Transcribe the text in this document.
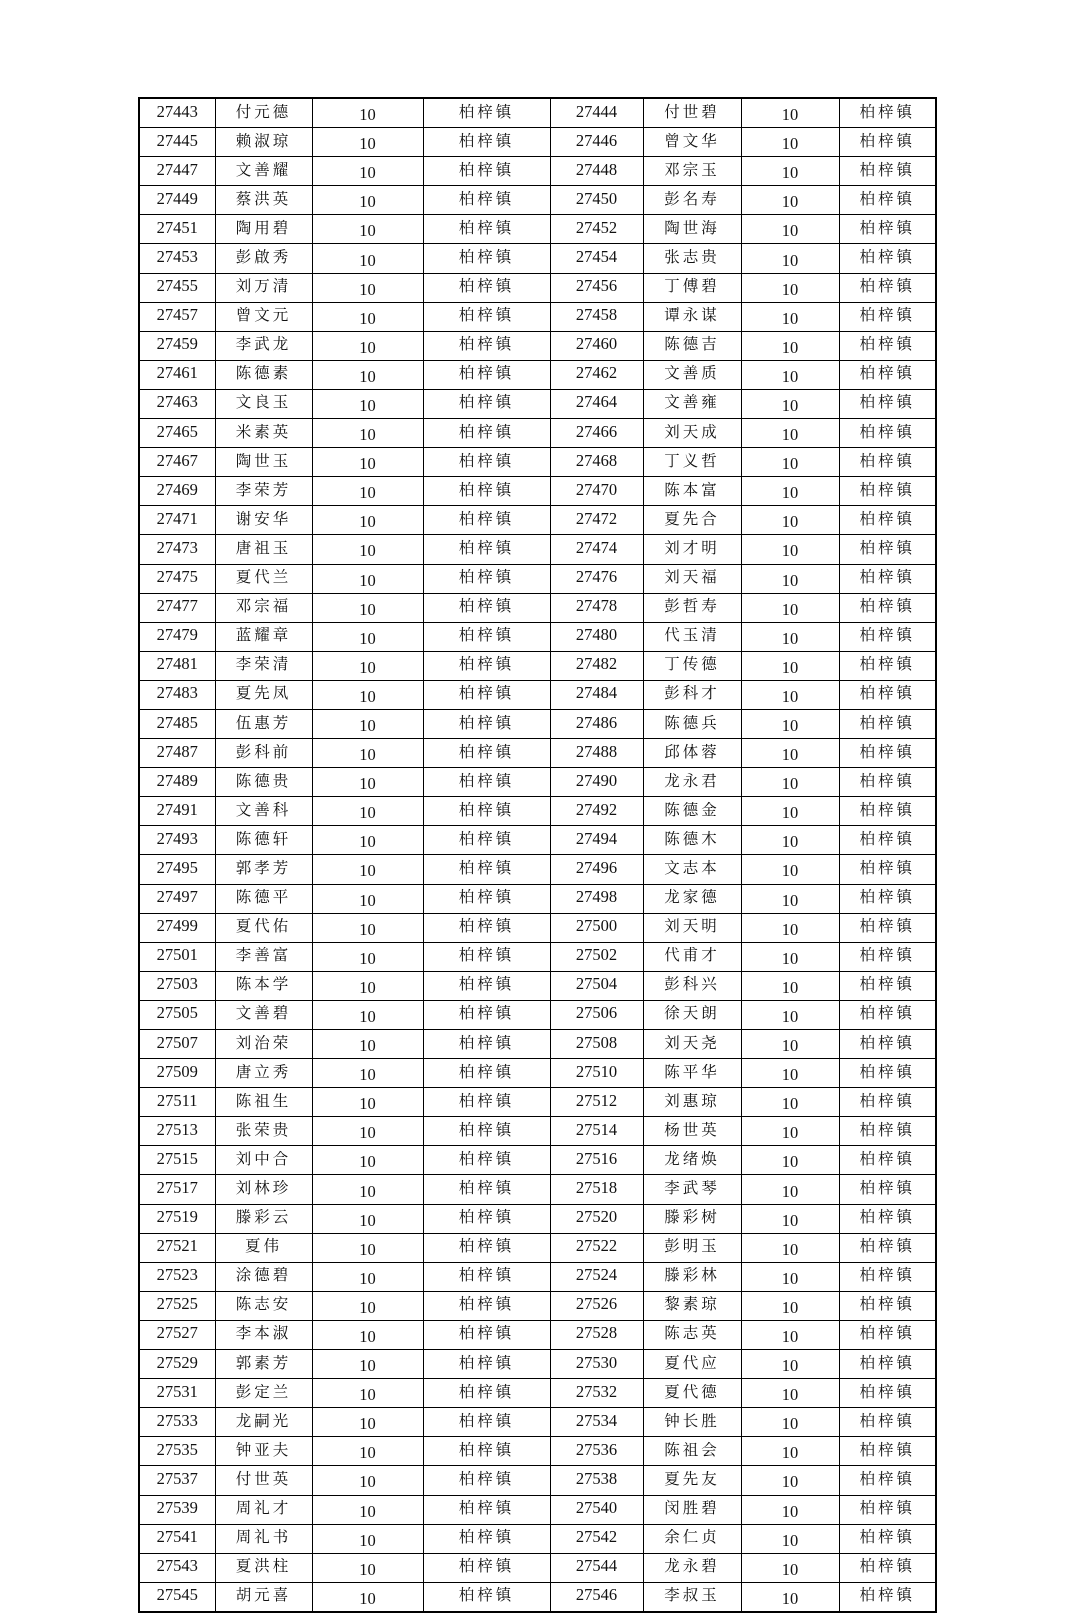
27443	付元德	10	柏梓镇	27444	付世碧	10	柏梓镇
27445	赖淑琼	10	柏梓镇	27446	曾文华	10	柏梓镇
27447	文善耀	10	柏梓镇	27448	邓宗玉	10	柏梓镇
27449	蔡洪英	10	柏梓镇	27450	彭名寿	10	柏梓镇
27451	陶用碧	10	柏梓镇	27452	陶世海	10	柏梓镇
27453	彭啟秀	10	柏梓镇	27454	张志贵	10	柏梓镇
27455	刘万清	10	柏梓镇	27456	丁傅碧	10	柏梓镇
27457	曾文元	10	柏梓镇	27458	谭永谋	10	柏梓镇
27459	李武龙	10	柏梓镇	27460	陈德吉	10	柏梓镇
27461	陈德素	10	柏梓镇	27462	文善质	10	柏梓镇
27463	文良玉	10	柏梓镇	27464	文善雍	10	柏梓镇
27465	米素英	10	柏梓镇	27466	刘天成	10	柏梓镇
27467	陶世玉	10	柏梓镇	27468	丁义哲	10	柏梓镇
27469	李荣芳	10	柏梓镇	27470	陈本富	10	柏梓镇
27471	谢安华	10	柏梓镇	27472	夏先合	10	柏梓镇
27473	唐祖玉	10	柏梓镇	27474	刘才明	10	柏梓镇
27475	夏代兰	10	柏梓镇	27476	刘天福	10	柏梓镇
27477	邓宗福	10	柏梓镇	27478	彭哲寿	10	柏梓镇
27479	蓝耀章	10	柏梓镇	27480	代玉清	10	柏梓镇
27481	李荣清	10	柏梓镇	27482	丁传德	10	柏梓镇
27483	夏先凤	10	柏梓镇	27484	彭科才	10	柏梓镇
27485	伍惠芳	10	柏梓镇	27486	陈德兵	10	柏梓镇
27487	彭科前	10	柏梓镇	27488	邱体蓉	10	柏梓镇
27489	陈德贵	10	柏梓镇	27490	龙永君	10	柏梓镇
27491	文善科	10	柏梓镇	27492	陈德金	10	柏梓镇
27493	陈德轩	10	柏梓镇	27494	陈德木	10	柏梓镇
27495	郭孝芳	10	柏梓镇	27496	文志本	10	柏梓镇
27497	陈德平	10	柏梓镇	27498	龙家德	10	柏梓镇
27499	夏代佑	10	柏梓镇	27500	刘天明	10	柏梓镇
27501	李善富	10	柏梓镇	27502	代甫才	10	柏梓镇
27503	陈本学	10	柏梓镇	27504	彭科兴	10	柏梓镇
27505	文善碧	10	柏梓镇	27506	徐天朗	10	柏梓镇
27507	刘治荣	10	柏梓镇	27508	刘天尧	10	柏梓镇
27509	唐立秀	10	柏梓镇	27510	陈平华	10	柏梓镇
27511	陈祖生	10	柏梓镇	27512	刘惠琼	10	柏梓镇
27513	张荣贵	10	柏梓镇	27514	杨世英	10	柏梓镇
27515	刘中合	10	柏梓镇	27516	龙绪焕	10	柏梓镇
27517	刘林珍	10	柏梓镇	27518	李武琴	10	柏梓镇
27519	滕彩云	10	柏梓镇	27520	滕彩树	10	柏梓镇
27521	夏伟	10	柏梓镇	27522	彭明玉	10	柏梓镇
27523	涂德碧	10	柏梓镇	27524	滕彩林	10	柏梓镇
27525	陈志安	10	柏梓镇	27526	黎素琼	10	柏梓镇
27527	李本淑	10	柏梓镇	27528	陈志英	10	柏梓镇
27529	郭素芳	10	柏梓镇	27530	夏代应	10	柏梓镇
27531	彭定兰	10	柏梓镇	27532	夏代德	10	柏梓镇
27533	龙嗣光	10	柏梓镇	27534	钟长胜	10	柏梓镇
27535	钟亚夫	10	柏梓镇	27536	陈祖会	10	柏梓镇
27537	付世英	10	柏梓镇	27538	夏先友	10	柏梓镇
27539	周礼才	10	柏梓镇	27540	闵胜碧	10	柏梓镇
27541	周礼书	10	柏梓镇	27542	余仁贞	10	柏梓镇
27543	夏洪柱	10	柏梓镇	27544	龙永碧	10	柏梓镇
27545	胡元喜	10	柏梓镇	27546	李叔玉	10	柏梓镇
